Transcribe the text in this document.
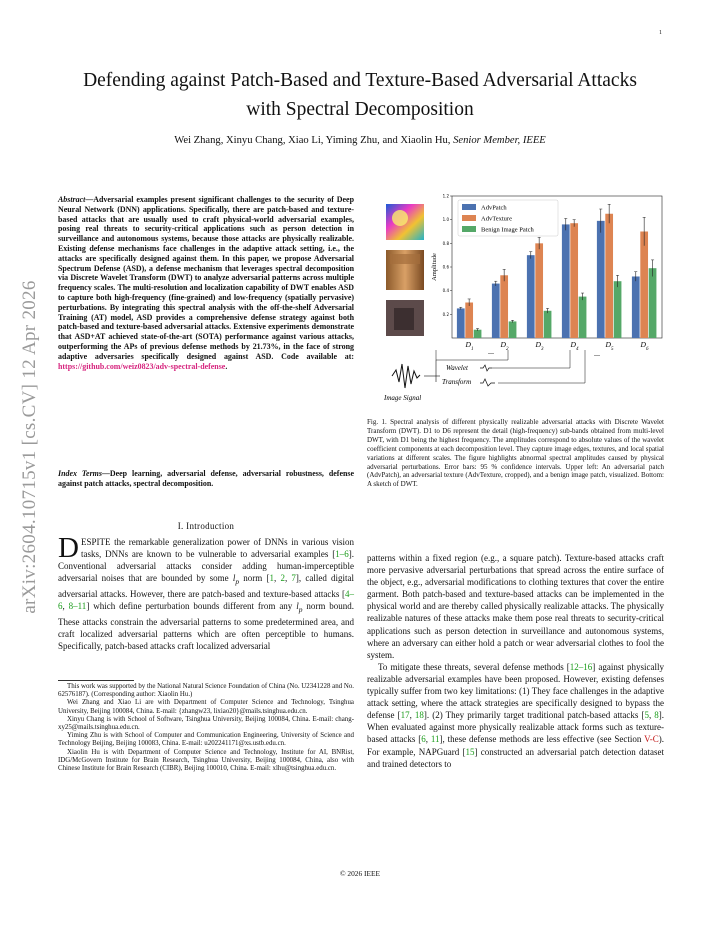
1
arXiv:2604.10715v1 [cs.CV] 12 Apr 2026
Defending against Patch-Based and Texture-Based Adversarial Attacks
with Spectral Decomposition
Wei Zhang, Xinyu Chang, Xiao Li, Yiming Zhu, and Xiaolin Hu, Senior Member, IEEE
Abstract—Adversarial examples present significant challenges to the security of Deep Neural Network (DNN) applications. Specifically, there are patch-based and texture-based attacks that are usually used to craft physical-world adversarial examples, posing real threats to security-critical applications such as person detection in surveillance and autonomous systems, because those attacks are physically realizable. Existing defense mechanisms face challenges in the adaptive attack setting, i.e., the attacks are specifically designed against them. In this paper, we propose Adversarial Spectrum Defense (ASD), a defense mechanism that leverages spectral decomposition via Discrete Wavelet Transform (DWT) to analyze adversarial patterns across multiple frequency scales. The multi-resolution and localization capability of DWT enables ASD to capture both high-frequency (fine-grained) and low-frequency (spatially pervasive) perturbations. By integrating this spectral analysis with the off-the-shelf Adversarial Training (AT) model, ASD provides a comprehensive defense strategy against both patch-based and texture-based adversarial attacks. Extensive experiments demonstrate that ASD+AT achieved state-of-the-art (SOTA) performance against various attacks, outperforming the APs of previous defense methods by 21.73%, in the face of strong adaptive adversaries specifically designed against ASD. Code available at: https://github.com/weiz0823/adv-spectral-defense.
Index Terms—Deep learning, adversarial defense, adversarial robustness, defense against patch attacks, spectral decomposition.
I. Introduction
DESPITE the remarkable generalization power of DNNs in various vision tasks, DNNs are known to be vulnerable to adversarial examples [1–6]. Conventional adversarial attacks consider adding human-imperceptible adversarial noises that are bounded by some $l_p$ norm [1, 2, 7], called digital adversarial attacks. However, there are patch-based and texture-based attacks [4–6, 8–11] which define perturbation bounds different from any $l_p$ norm bound. These attacks constrain the adversarial patterns to some predetermined area, and craft localized adversarial patterns which are often perceptible to humans. Specifically, patch-based attacks craft localized adversarial

This work was supported by the National Natural Science Foundation of China (No. U2341228 and No. 62576187). (Corresponding author: Xiaolin Hu.)

Wei Zhang and Xiao Li are with Department of Computer Science and Technology, Tsinghua University, Beijing 100084, China. E-mail: {zhangw23, lixiao20}@mails.tsinghua.edu.cn.

Xinyu Chang is with School of Software, Tsinghua University, Beijing 100084, China. E-mail: chang-xy25@mails.tsinghua.edu.cn.

Yiming Zhu is with School of Computer and Communication Engineering, University of Science and Technology Beijing, Beijing 100083, China. E-mail: u202241171@xs.ustb.edu.cn.

Xiaolin Hu is with Department of Computer Science and Technology, Institute for AI, BNRist, IDG/McGovern Institute for Brain Research, Tsinghua University, Beijing 100084, China, also with Chinese Institute for Brain Research (CIBR), Beijing 100010, China. E-mail: xlhu@tsinghua.edu.cn.

0.2
0.4
0.6
0.8
1.0
1.2
Amplitude
$D_1$	$D_2$	$D_3$	$D_4$	$D_5$	$D_6$
AdvPatch
AdvTexture
Benign Image Patch
Wavelet
Transform
...	...
Image Signal
Fig. 1. Spectral analysis of different physically realizable adversarial attacks with Discrete Wavelet Transform (DWT). D1 to D6 represent the detail (high-frequency) sub-bands obtained from multi-level DWT, with D1 being the highest frequency. The amplitudes correspond to absolute values of the wavelet coefficient components at each decomposition level. They capture image edges, textures, and local spatial variations at different scales. The figure highlights abnormal spectral amplitudes caused by physical adversarial perturbations. Error bars: 95 % confidence intervals. Upper left: An adversarial patch (AdvPatch), an adversarial texture (AdvTexture, cropped), and a benign image patch, visualized. Bottom: A sketch of DWT.

patterns within a fixed region (e.g., a square patch). Texture-based attacks craft more pervasive adversarial perturbations that spread across the entire surface of the object, e.g., adversarial modifications to clothing textures that cover the entire garment. Both patch-based and texture-based attacks can be implemented in the physical world and are thereby called physically realizable attacks. The physically realizable natures of these attacks make them pose real threats to security-critical applications such as person detection in surveillance and autonomous systems, where an adversary can either hold a patch or wear adversarial clothes to fool the system.

To mitigate these threats, several defense methods [12–16] against physically realizable adversarial examples have been proposed. However, existing defenses typically suffer from two key limitations: (1) They face challenges in the adaptive attack setting, where the attack strategies are specifically designed to bypass the defense [17, 18]. (2) They primarily target traditional patch-based attacks [5, 8]. When evaluated against more physically realizable attack forms such as texture-based attacks [6, 11], these defense methods are less effective (see Section V-C). For example, NAPGuard [15] constructed an adversarial patch detection dataset and trained detectors to

© 2026 IEEE
